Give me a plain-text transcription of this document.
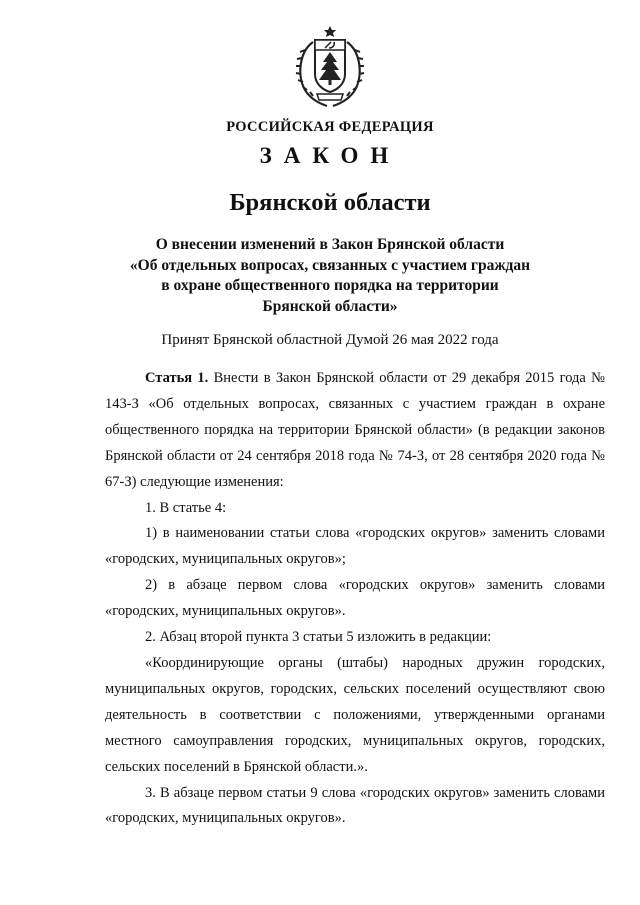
РОССИЙСКАЯ ФЕДЕРАЦИЯ
ЗАКОН
Брянской области
О внесении изменений в Закон Брянской области
«Об отдельных вопросах, связанных с участием граждан
в охране общественного порядка на территории
Брянской области»
Принят Брянской областной Думой 26 мая 2022 года

Статья 1. Внести в Закон Брянской области от 29 декабря 2015 года № 143-З «Об отдельных вопросах, связанных с участием граждан в охране общественного порядка на территории Брянской области» (в редакции законов Брянской области от 24 сентября 2018 года № 74-З, от 28 сентября 2020 года № 67-З) следующие изменения:

1. В статье 4:

1) в наименовании статьи слова «городских округов» заменить словами «городских, муниципальных округов»;

2) в абзаце первом слова «городских округов» заменить словами «городских, муниципальных округов».

2. Абзац второй пункта 3 статьи 5 изложить в редакции:

«Координирующие органы (штабы) народных дружин городских, муниципальных округов, городских, сельских поселений осуществляют свою деятельность в соответствии с положениями, утвержденными органами местного самоуправления городских, муниципальных округов, городских, сельских поселений в Брянской области.».

3. В абзаце первом статьи 9 слова «городских округов» заменить словами «городских, муниципальных округов».
